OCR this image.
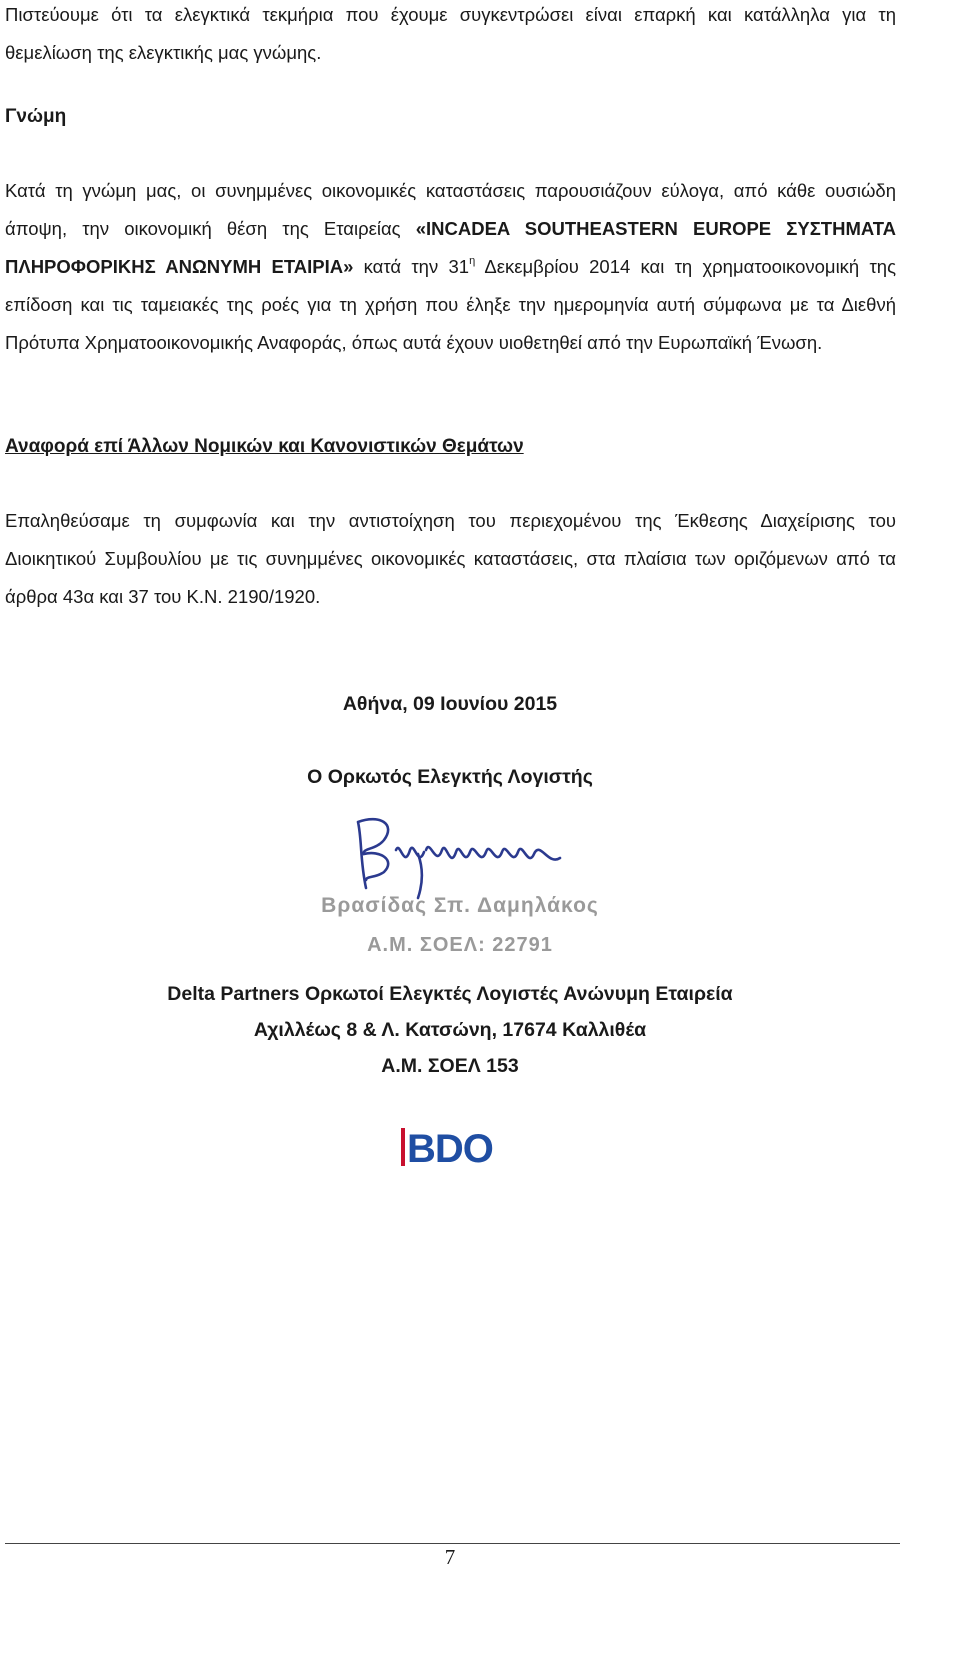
Πιστεύουμε ότι τα ελεγκτικά τεκμήρια που έχουμε συγκεντρώσει είναι επαρκή και κατάλληλα για τη θεμελίωση της ελεγκτικής μας γνώμης.

Γνώμη

Κατά τη γνώμη μας, οι συνημμένες οικονομικές καταστάσεις παρουσιάζουν εύλογα, από κάθε ουσιώδη άποψη, την οικονομική θέση της Εταιρείας «INCADEA SOUTHEASTERN EUROPE ΣΥΣΤΗΜΑΤΑ ΠΛΗΡΟΦΟΡΙΚΗΣ ΑΝΩΝΥΜΗ ΕΤΑΙΡΙΑ» κατά την $31^\eta$ Δεκεμβρίου 2014 και τη χρηματοοικονομική της επίδοση και τις ταμειακές της ροές για τη χρήση που έληξε την ημερομηνία αυτή σύμφωνα με τα Διεθνή Πρότυπα Χρηματοοικονομικής Αναφοράς, όπως αυτά έχουν υιοθετηθεί από την Ευρωπαϊκή Ένωση.

Αναφορά επί Άλλων Νομικών και Κανονιστικών Θεμάτων

Επαληθεύσαμε τη συμφωνία και την αντιστοίχηση του περιεχομένου της Έκθεσης Διαχείρισης του Διοικητικού Συμβουλίου με τις συνημμένες οικονομικές καταστάσεις, στα πλαίσια των οριζόμενων από τα άρθρα 43α και 37 του Κ.Ν. 2190/1920.

Αθήνα, 09 Ιουνίου 2015

Ο Ορκωτός Ελεγκτής Λογιστής

Βρασίδας Σπ. Δαμηλάκος
Α.Μ. ΣΟΕΛ: 22791

Delta Partners Ορκωτοί Ελεγκτές Λογιστές Ανώνυμη Εταιρεία

Αχιλλέως 8 & Λ. Κατσώνη, 17674 Καλλιθέα

Α.Μ. ΣΟΕΛ 153

BDO
7
